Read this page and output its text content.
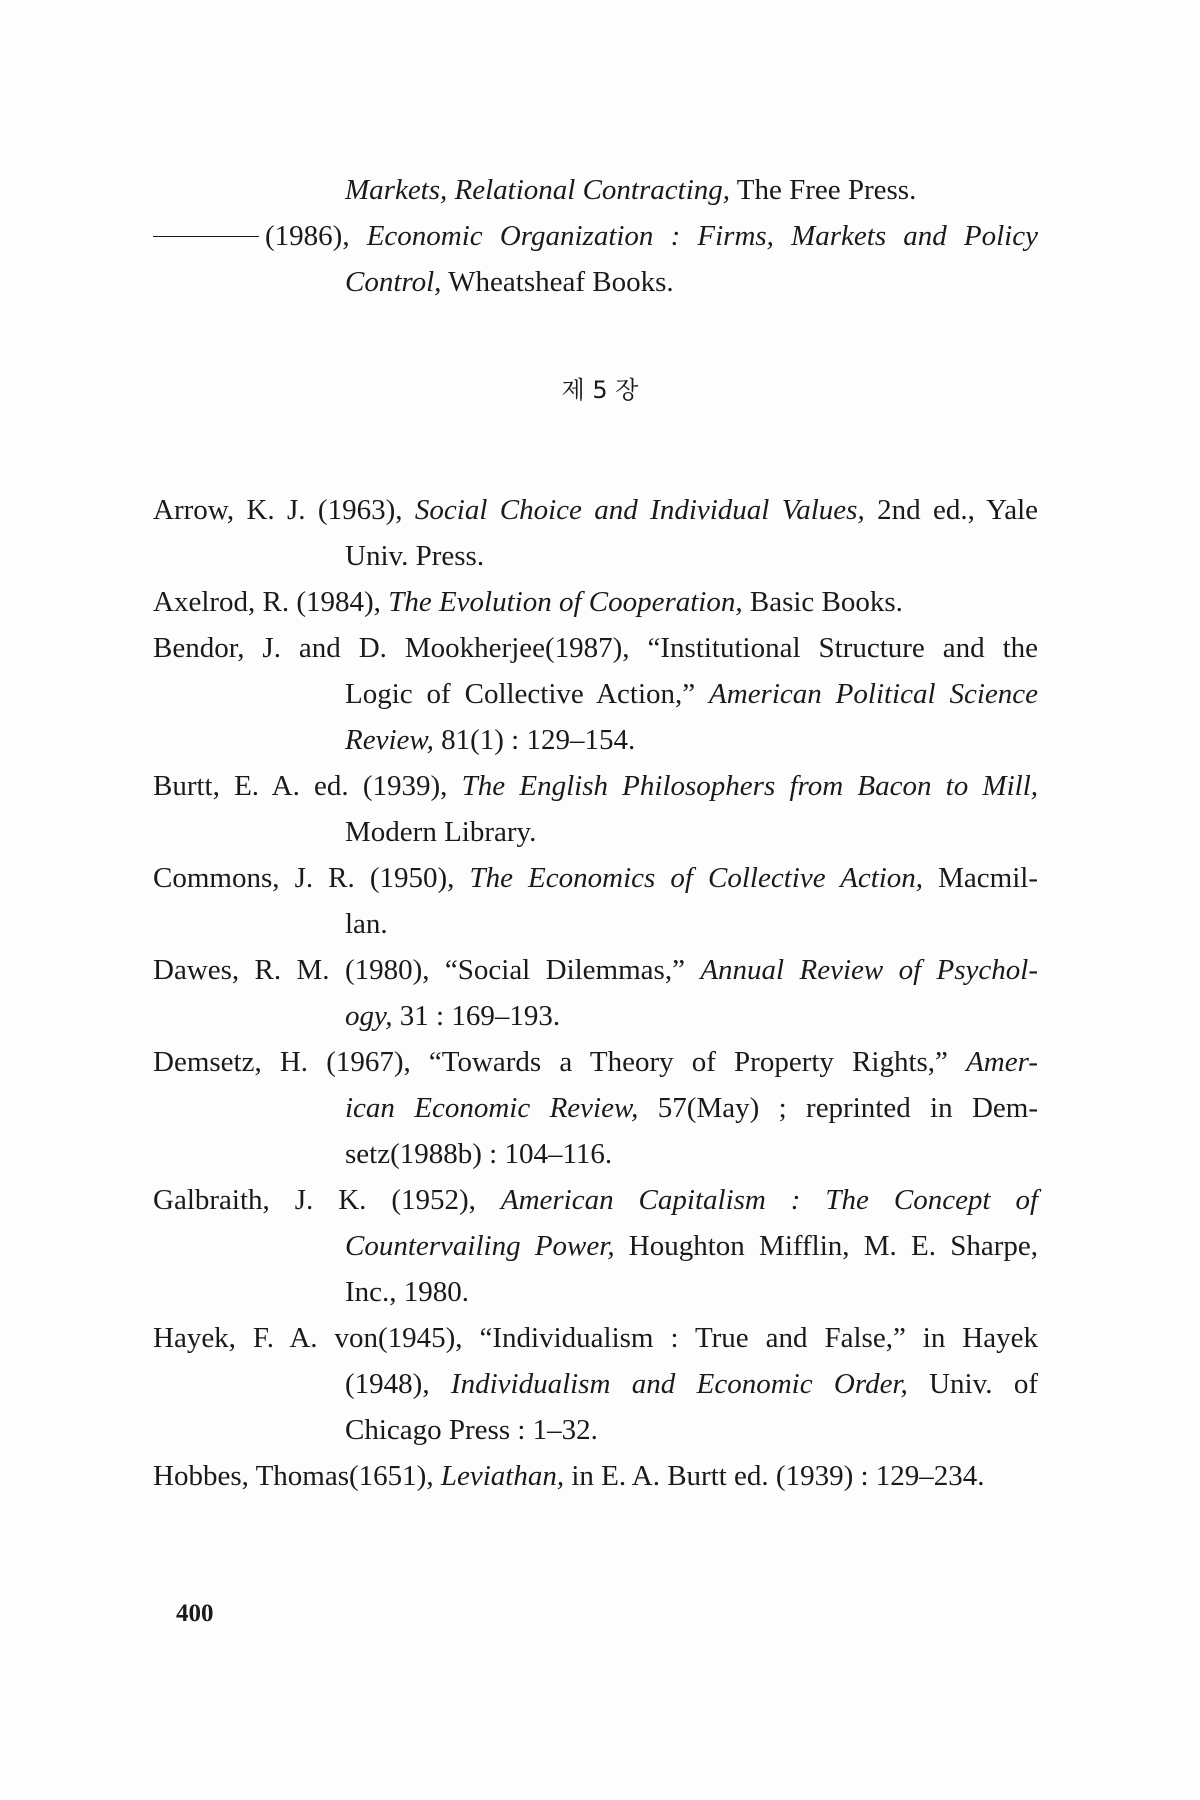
Markets, Relational Contracting, The Free Press.
(1986), Economic Organization : Firms, Markets and Policy
Control, Wheatsheaf Books.
제 5 장
Arrow, K. J. (1963), Social Choice and Individual Values, 2nd ed., Yale
Univ. Press.
Axelrod, R. (1984), The Evolution of Cooperation, Basic Books.
Bendor, J. and D. Mookherjee(1987), “Institutional Structure and the
Logic of Collective Action,” American Political Science
Review, 81(1) : 129–154.
Burtt, E. A. ed. (1939), The English Philosophers from Bacon to Mill,
Modern Library.
Commons, J. R. (1950), The Economics of Collective Action, Macmil-
lan.
Dawes, R. M. (1980), “Social Dilemmas,” Annual Review of Psychol-
ogy, 31 : 169–193.
Demsetz, H. (1967), “Towards a Theory of Property Rights,” Amer-
ican Economic Review, 57(May) ; reprinted in Dem-
setz(1988b) : 104–116.
Galbraith, J. K. (1952), American Capitalism : The Concept of
Countervailing Power, Houghton Mifflin, M. E. Sharpe,
Inc., 1980.
Hayek, F. A. von(1945), “Individualism : True and False,” in Hayek
(1948), Individualism and Economic Order, Univ. of
Chicago Press : 1–32.
Hobbes, Thomas(1651), Leviathan, in E. A. Burtt ed. (1939) : 129–234.
400
